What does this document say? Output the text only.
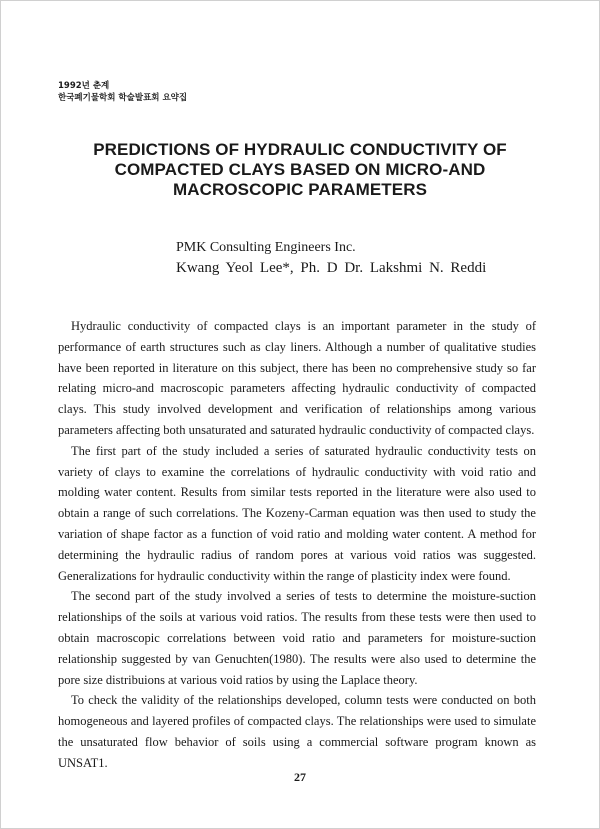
1992년 춘계
한국폐기물학회 학술발표회 요약집
PREDICTIONS OF HYDRAULIC CONDUCTIVITY OF
COMPACTED CLAYS BASED ON MICRO-AND
MACROSCOPIC PARAMETERS
PMK Consulting Engineers Inc.
Kwang Yeol Lee*, Ph. D Dr. Lakshmi N. Reddi

Hydraulic conductivity of compacted clays is an important parameter in the study of performance of earth structures such as clay liners. Although a number of qualitative studies have been reported in literature on this subject, there has been no comprehensive study so far relating micro-and macroscopic parameters affecting hydraulic conductivity of compacted clays. This study involved development and verification of relationships among various parameters affecting both unsaturated and saturated hydraulic conductivity of compacted clays.

The first part of the study included a series of saturated hydraulic conductivity tests on variety of clays to examine the correlations of hydraulic conductivity with void ratio and molding water content. Results from similar tests reported in the literature were also used to obtain a range of such correlations. The Kozeny-Carman equation was then used to study the variation of shape factor as a function of void ratio and molding water content. A method for determining the hydraulic radius of random pores at various void ratios was suggested. Generalizations for hydraulic conductivity within the range of plasticity index were found.

The second part of the study involved a series of tests to determine the moisture-suction relationships of the soils at various void ratios. The results from these tests were then used to obtain macroscopic correlations between void ratio and parameters for moisture-suction relationship suggested by van Genuchten(1980). The results were also used to determine the pore size distribuions at various void ratios by using the Laplace theory.

To check the validity of the relationships developed, column tests were conducted on both homogeneous and layered profiles of compacted clays. The relationships were used to simulate the unsaturated flow behavior of soils using a commercial software program known as UNSAT1.

27
